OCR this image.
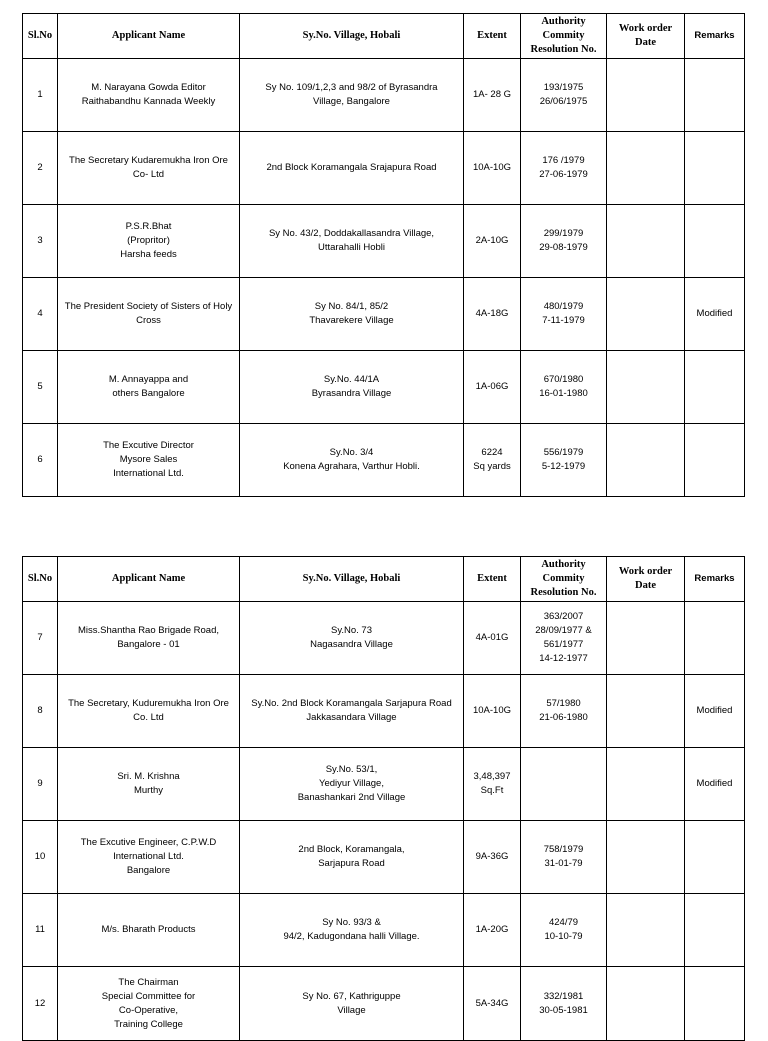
Sl.No	Applicant Name	Sy.No. Village, Hobali	Extent	Authority
Commity
Resolution No.	Work order
Date	Remarks
1	M. Narayana Gowda Editor
Raithabandhu Kannada Weekly	Sy No. 109/1,2,3 and 98/2 of Byrasandra
Village, Bangalore	1A- 28 G	193/1975
26/06/1975		
2	The Secretary Kudaremukha Iron Ore
Co- Ltd	2nd Block Koramangala Srajapura Road	10A-10G	176 /1979
27-06-1979		
3	P.S.R.Bhat
(Propritor)
Harsha feeds	Sy No. 43/2, Doddakallasandra Village,
Uttarahalli Hobli	2A-10G	299/1979
29-08-1979		
4	The President Society of Sisters of Holy
Cross	Sy No. 84/1, 85/2
Thavarekere Village	4A-18G	480/1979
7-11-1979		Modified
5	M. Annayappa and
others Bangalore	Sy.No. 44/1A
Byrasandra Village	1A-06G	670/1980
16-01-1980		
6	The Excutive Director
Mysore Sales
International Ltd.	Sy.No. 3/4
Konena Agrahara, Varthur Hobli.	6224
Sq yards	556/1979
5-12-1979		
Sl.No	Applicant Name	Sy.No. Village, Hobali	Extent	Authority
Commity
Resolution No.	Work order
Date	Remarks
7	Miss.Shantha Rao Brigade Road,
Bangalore - 01	Sy.No. 73
Nagasandra Village	4A-01G	363/2007
28/09/1977 &
561/1977
14-12-1977		
8	The Secretary, Kuduremukha Iron Ore
Co. Ltd	Sy.No. 2nd Block Koramangala Sarjapura Road
Jakkasandara Village	10A-10G	57/1980
21-06-1980		Modified
9	Sri. M. Krishna
Murthy	Sy.No. 53/1,
Yediyur Village,
Banashankari 2nd Village	3,48,397
Sq.Ft			Modified
10	The Excutive Engineer, C.P.W.D
International Ltd.
Bangalore	2nd Block, Koramangala,
Sarjapura Road	9A-36G	758/1979
31-01-79		
11	M/s. Bharath Products	Sy No. 93/3 &
94/2, Kadugondana halli Village.	1A-20G	424/79
10-10-79		
12	The Chairman
Special Committee for
Co-Operative,
Training College	Sy No. 67, Kathriguppe
Village	5A-34G	332/1981
30-05-1981		
